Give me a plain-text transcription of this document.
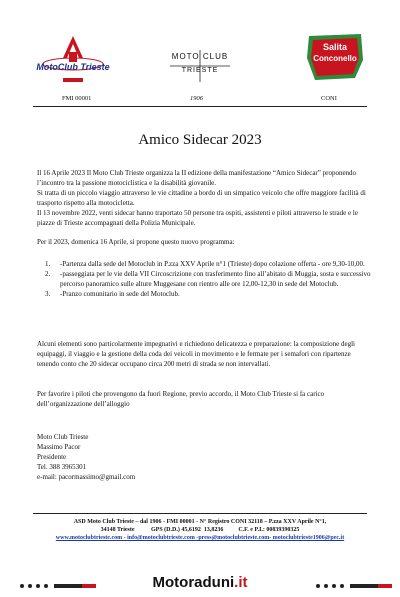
MotoClub Trieste
MOTO CLUB
TRIESTE
Salita
Conconello
FMI 00001	1906	CONI
Amico Sidecar 2023

Il 16 Aprile 2023 Il Moto Club Trieste organizza la II edizione della manifestazione “Amico Sidecar” proponendo l’incontro tra la passione motociclistica e la disabilità giovanile.

Si tratta di un piccolo viaggio attraverso le vie cittadine a bordo di un simpatico veicolo che offre maggiore facilità di trasporto rispetto alla motocicletta.

Il 13 novembre 2022, venti sidecar hanno traportato 50 persone tra ospiti, assistenti e piloti attraverso le strade e le piazze di Trieste accompagnati della Polizia Municipale.

Per il 2023, domenica 16 Aprile, si propone questo nuovo programma:
1. -Partenza dalla sede del Motoclub in P.zza XXV Aprile n°1 (Trieste) dopo colazione offerta - ore 9,30-10,00.
2. -passeggiata per le vie della VII Circoscrizione con trasferimento fino all’abitato di Muggia, sosta e successivo percorso panoramico sulle alture Muggesane con rientro alle ore 12,00-12,30 in sede del Motoclub.
3. -Pranzo comunitario in sede del Motoclub.
Alcuni elementi sono particolarmente impegnativi e richiedono delicatezza e preparazione: la composizione degli equipaggi, il viaggio e la gestione della coda dei veicoli in movimento e le fermate per i semafori con ripartenze tenendo conto che 20 sidecar occupano circa 200 metri di strada se non intervallati.
Per favorire i piloti che provengono da fuori Regione, previo accordo, il Moto Club Trieste si fa carico dell’organizzazione dell’alloggio

Moto Club Trieste

Massimo Pacor

Presidente

Tel. 388 3965301

e-mail: pacormassimo@gmail.com

ASD Moto Club Trieste – dal 1906 - FMI 00001 - N° Registro CONI 32118 – P.zza XXV Aprile N°1,
34148 Trieste           GPS (D.D.) 45,6192  13,8236          C.F. e P.I.: 00839390325
www.motoclubtrieste.com - info@motoclubtrieste.com -press@motoclubtrieste.com- motoclubtrieste1906@pec.it
Motoraduni.it
